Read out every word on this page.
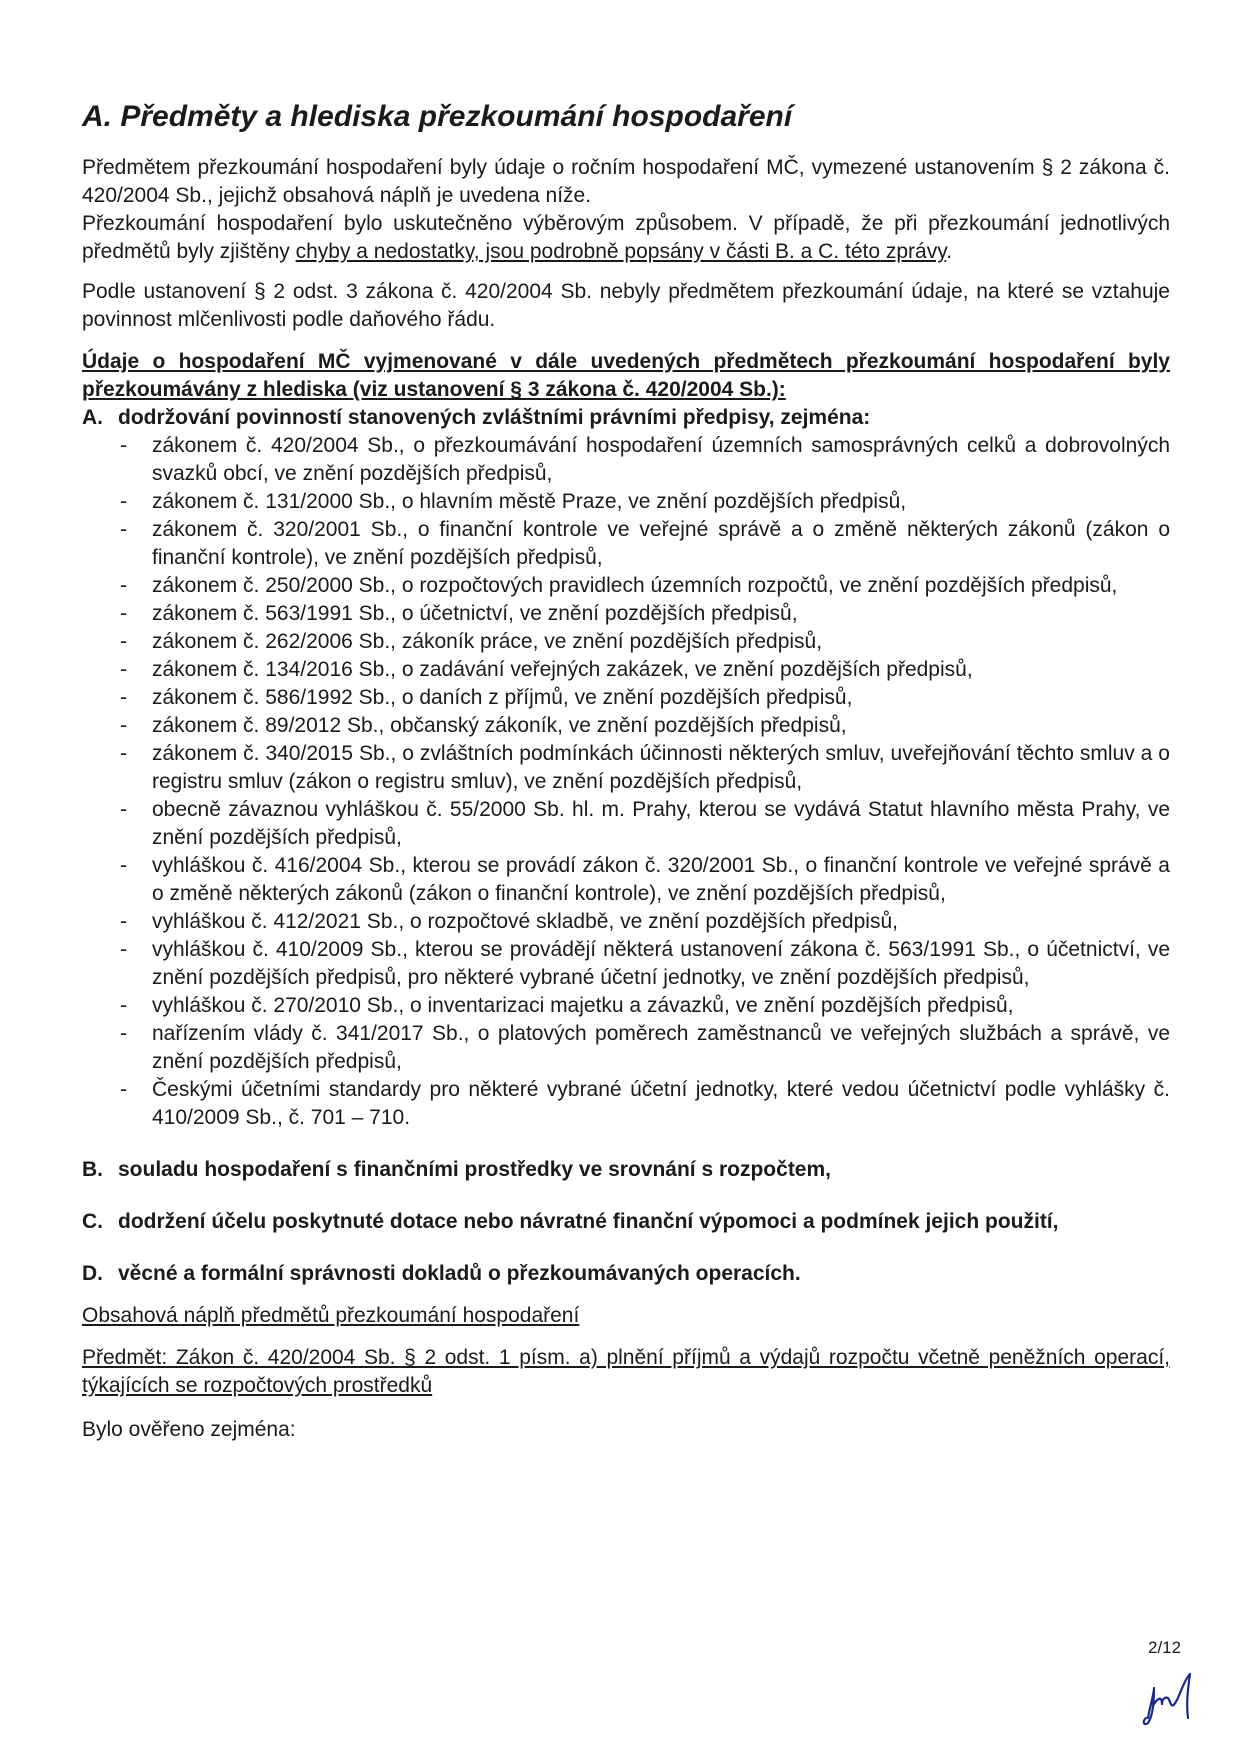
A. Předměty a hlediska přezkoumání hospodaření

Předmětem přezkoumání hospodaření byly údaje o ročním hospodaření MČ, vymezené ustanovením § 2 zákona č. 420/2004 Sb., jejichž obsahová náplň je uvedena níže.

Přezkoumání hospodaření bylo uskutečněno výběrovým způsobem. V případě, že při přezkoumání jednotlivých předmětů byly zjištěny chyby a nedostatky, jsou podrobně popsány v části B. a C. této zprávy.

Podle ustanovení § 2 odst. 3 zákona č. 420/2004 Sb. nebyly předmětem přezkoumání údaje, na které se vztahuje povinnost mlčenlivosti podle daňového řádu.

Údaje o hospodaření MČ vyjmenované v dále uvedených předmětech přezkoumání hospodaření byly přezkoumávány z hlediska (viz ustanovení § 3 zákona č. 420/2004 Sb.):

A. dodržování povinností stanovených zvláštními právními předpisy, zejména:
- zákonem č. 420/2004 Sb., o přezkoumávání hospodaření územních samosprávných celků a dobrovolných svazků obcí, ve znění pozdějších předpisů,
- zákonem č. 131/2000 Sb., o hlavním městě Praze, ve znění pozdějších předpisů,
- zákonem č. 320/2001 Sb., o finanční kontrole ve veřejné správě a o změně některých zákonů (zákon o finanční kontrole), ve znění pozdějších předpisů,
- zákonem č. 250/2000 Sb., o rozpočtových pravidlech územních rozpočtů, ve znění pozdějších předpisů,
- zákonem č. 563/1991 Sb., o účetnictví, ve znění pozdějších předpisů,
- zákonem č. 262/2006 Sb., zákoník práce, ve znění pozdějších předpisů,
- zákonem č. 134/2016 Sb., o zadávání veřejných zakázek, ve znění pozdějších předpisů,
- zákonem č. 586/1992 Sb., o daních z příjmů, ve znění pozdějších předpisů,
- zákonem č. 89/2012 Sb., občanský zákoník, ve znění pozdějších předpisů,
- zákonem č. 340/2015 Sb., o zvláštních podmínkách účinnosti některých smluv, uveřejňování těchto smluv a o registru smluv (zákon o registru smluv), ve znění pozdějších předpisů,
- obecně závaznou vyhláškou č. 55/2000 Sb. hl. m. Prahy, kterou se vydává Statut hlavního města Prahy, ve znění pozdějších předpisů,
- vyhláškou č. 416/2004 Sb., kterou se provádí zákon č. 320/2001 Sb., o finanční kontrole ve veřejné správě a o změně některých zákonů (zákon o finanční kontrole), ve znění pozdějších předpisů,
- vyhláškou č. 412/2021 Sb., o rozpočtové skladbě, ve znění pozdějších předpisů,
- vyhláškou č. 410/2009 Sb., kterou se provádějí některá ustanovení zákona č. 563/1991 Sb., o účetnictví, ve znění pozdějších předpisů, pro některé vybrané účetní jednotky, ve znění pozdějších předpisů,
- vyhláškou č. 270/2010 Sb., o inventarizaci majetku a závazků, ve znění pozdějších předpisů,
- nařízením vlády č. 341/2017 Sb., o platových poměrech zaměstnanců ve veřejných službách a správě, ve znění pozdějších předpisů,
- Českými účetními standardy pro některé vybrané účetní jednotky, které vedou účetnictví podle vyhlášky č. 410/2009 Sb., č. 701 – 710.
B. souladu hospodaření s finančními prostředky ve srovnání s rozpočtem,
C. dodržení účelu poskytnuté dotace nebo návratné finanční výpomoci a podmínek jejich použití,
D. věcné a formální správnosti dokladů o přezkoumávaných operacích.

Obsahová náplň předmětů přezkoumání hospodaření

Předmět: Zákon č. 420/2004 Sb. § 2 odst. 1 písm. a) plnění příjmů a výdajů rozpočtu včetně peněžních operací, týkajících se rozpočtových prostředků

Bylo ověřeno zejména:

2/12
